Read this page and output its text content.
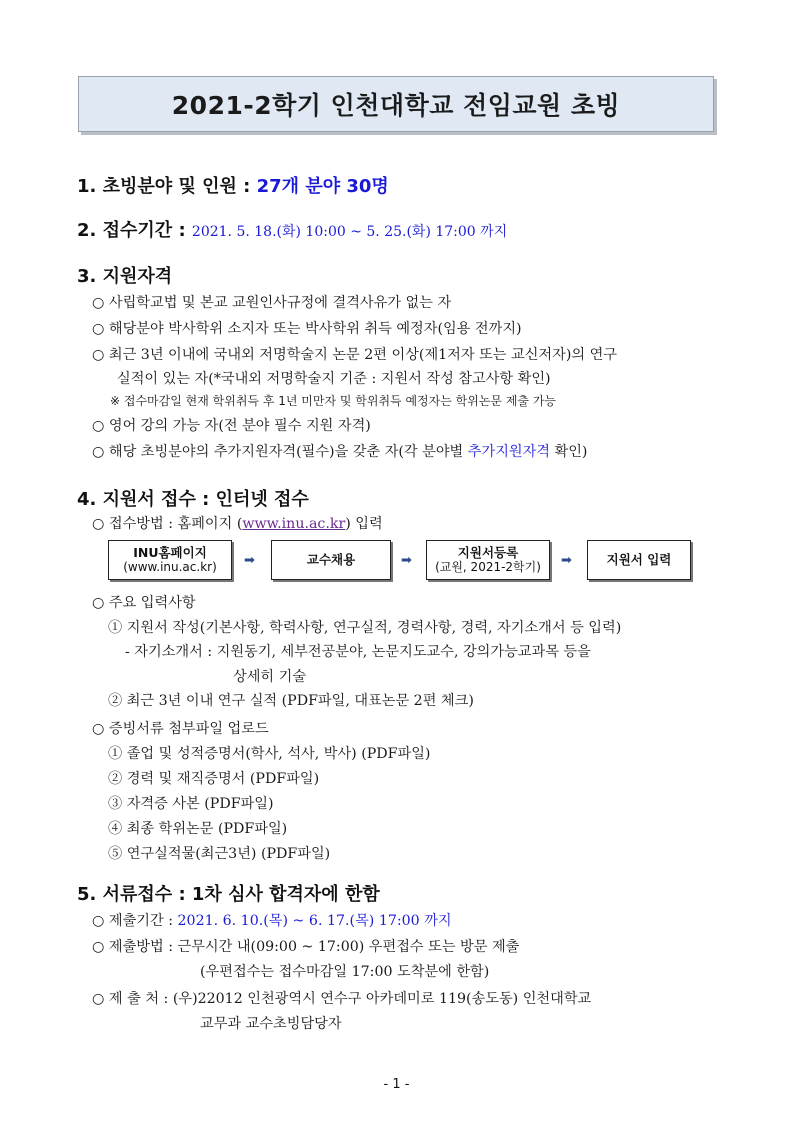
2021-2학기 인천대학교 전임교원 초빙
1. 초빙분야 및 인원 : 27개 분야 30명
2. 접수기간 : 2021. 5. 18.(화) 10:00 ~ 5. 25.(화) 17:00 까지
3. 지원자격
○ 사립학교법 및 본교 교원인사규정에 결격사유가 없는 자
○ 해당분야 박사학위 소지자 또는 박사학위 취득 예정자(임용 전까지)
○ 최근 3년 이내에 국내외 저명학술지 논문 2편 이상(제1저자 또는 교신저자)의 연구
실적이 있는 자(*국내외 저명학술지 기준 : 지원서 작성 참고사항 확인)
※ 접수마감일 현재 학위취득 후 1년 미만자 및 학위취득 예정자는 학위논문 제출 가능
○ 영어 강의 가능 자(전 분야 필수 지원 자격)
○ 해당 초빙분야의 추가지원자격(필수)을 갖춘 자(각 분야별 추가지원자격 확인)
4. 지원서 접수 : 인터넷 접수
○ 접수방법 : 홈페이지 (www.inu.ac.kr) 입력
INU홈페이지
(www.inu.ac.kr) ➡	교수채용	➡
지원서등록
(교원, 2021-2학기) ➡	지원서 입력
○ 주요 입력사항
① 지원서 작성(기본사항, 학력사항, 연구실적, 경력사항, 경력, 자기소개서 등 입력)
- 자기소개서 : 지원동기, 세부전공분야, 논문지도교수, 강의가능교과목 등을
상세히 기술
② 최근 3년 이내 연구 실적 (PDF파일, 대표논문 2편 체크)
○ 증빙서류 첨부파일 업로드
① 졸업 및 성적증명서(학사, 석사, 박사) (PDF파일)
② 경력 및 재직증명서 (PDF파일)
③ 자격증 사본 (PDF파일)
④ 최종 학위논문 (PDF파일)
⑤ 연구실적물(최근3년) (PDF파일)
5. 서류접수 : 1차 심사 합격자에 한함
○ 제출기간 : 2021. 6. 10.(목) ~ 6. 17.(목) 17:00 까지
○ 제출방법 : 근무시간 내(09:00 ~ 17:00) 우편접수 또는 방문 제출
(우편접수는 접수마감일 17:00 도착분에 한함)
○ 제 출 처 : (우)22012 인천광역시 연수구 아카데미로 119(송도동) 인천대학교
교무과 교수초빙담당자
- 1 -
